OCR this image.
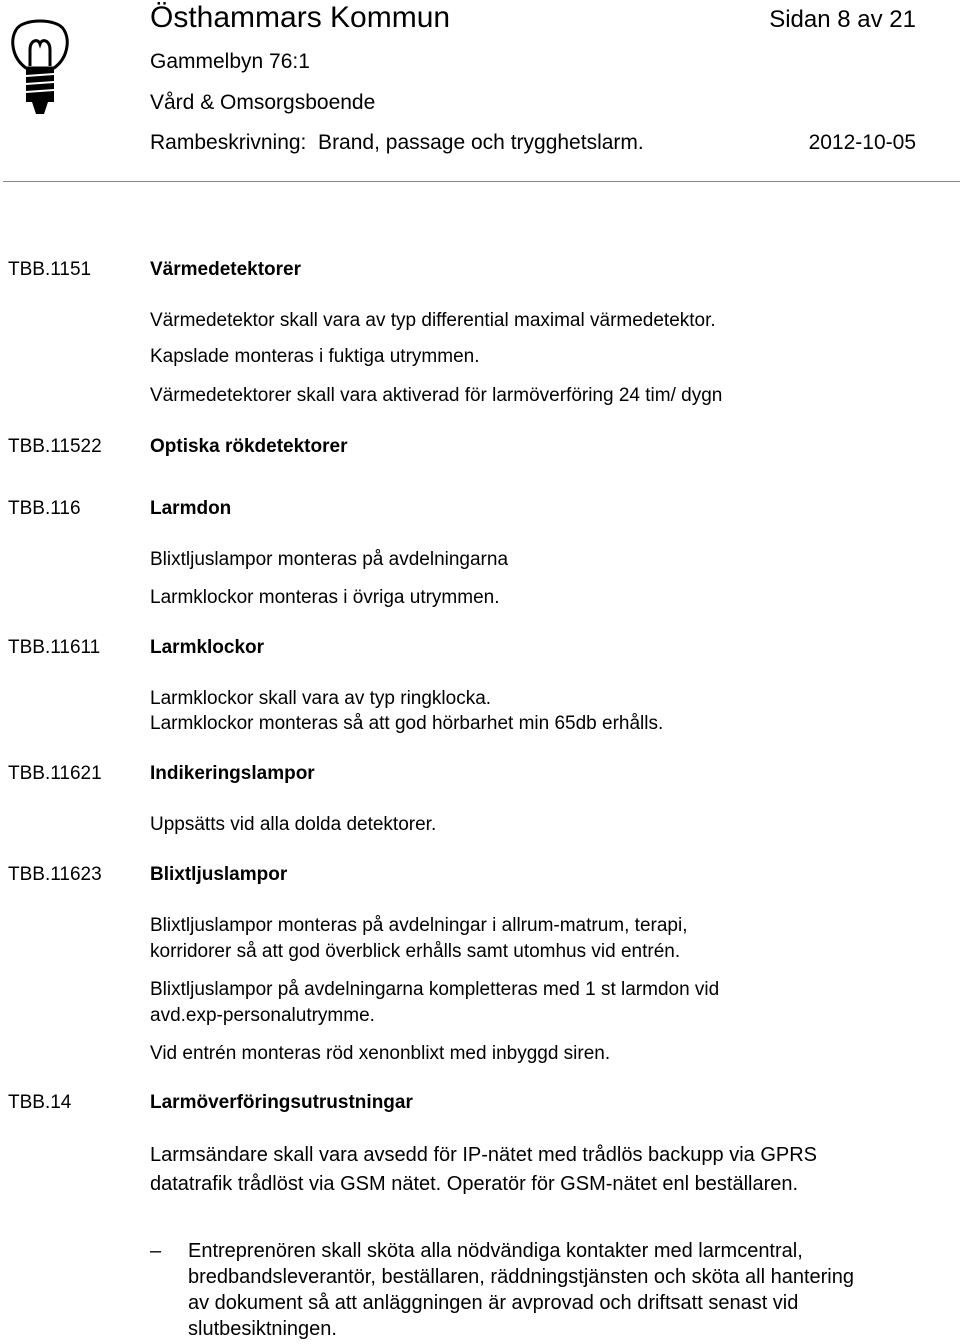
Östhammars Kommun	Sidan 8 av 21
Gammelbyn 76:1
Vård & Omsorgsboende
Rambeskrivning:  Brand, passage och trygghetslarm.	2012-10-05
TBB.1151	Värmedetektorer
Värmedetektor skall vara av typ differential maximal värmedetektor.
Kapslade monteras i fuktiga utrymmen.
Värmedetektorer skall vara aktiverad för larmöverföring 24 tim/ dygn
TBB.11522	Optiska rökdetektorer
TBB.116	Larmdon
Blixtljuslampor monteras på avdelningarna
Larmklockor monteras i övriga utrymmen.
TBB.11611	Larmklockor
Larmklockor skall vara av typ ringklocka.
Larmklockor monteras så att god hörbarhet min 65db erhålls.
TBB.11621	Indikeringslampor
Uppsätts vid alla dolda detektorer.
TBB.11623	Blixtljuslampor
Blixtljuslampor monteras på avdelningar i allrum-matrum, terapi,
korridorer så att god överblick erhålls samt utomhus vid entrén.
Blixtljuslampor på avdelningarna kompletteras med 1 st larmdon vid
avd.exp-personalutrymme.
Vid entrén monteras röd xenonblixt med inbyggd siren.
TBB.14	Larmöverföringsutrustningar
Larmsändare skall vara avsedd för IP-nätet med trådlös backupp via GPRS datatrafik trådlöst via GSM nätet. Operatör för GSM-nätet enl beställaren.
– Entreprenören skall sköta alla nödvändiga kontakter med larmcentral, bredbandsleverantör, beställaren, räddningstjänsten och sköta all hantering av dokument så att anläggningen är avprovad och driftsatt senast vid slutbesiktningen.
